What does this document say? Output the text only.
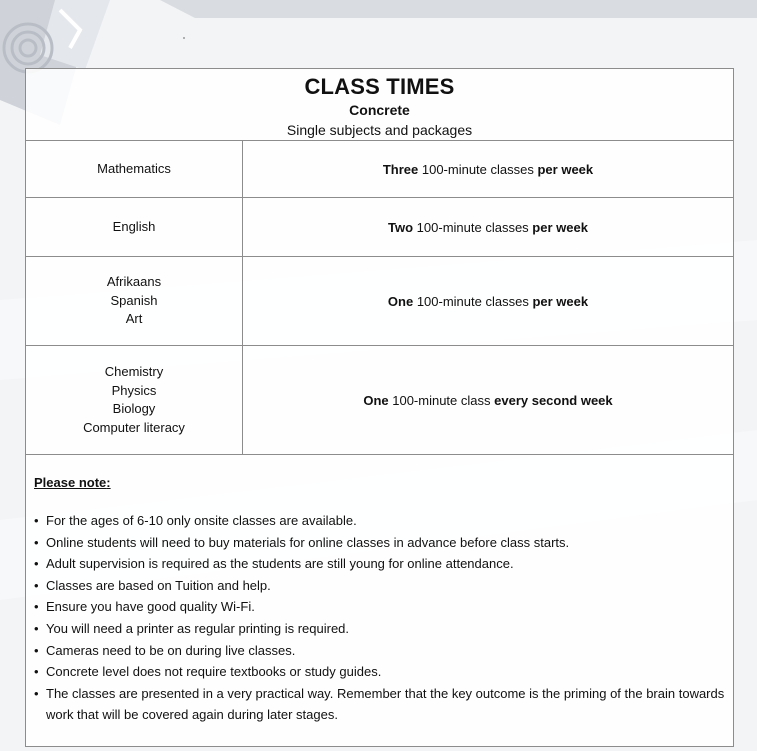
CLASS TIMES
Concrete
Single subjects and packages
Mathematics	Three 100-minute classes per week
English	Two 100-minute classes per week
Afrikaans
Spanish
Art
One 100-minute classes per week
Chemistry
Physics
Biology
Computer literacy
One 100-minute class every second week
Please note:
• For the ages of 6-10 only onsite classes are available.
• Online students will need to buy materials for online classes in advance before class starts.
• Adult supervision is required as the students are still young for online attendance.
• Classes are based on Tuition and help.
• Ensure you have good quality Wi-Fi.
• You will need a printer as regular printing is required.
• Cameras need to be on during live classes.
• Concrete level does not require textbooks or study guides.
• The classes are presented in a very practical way. Remember that the key outcome is the priming of the brain towards work that will be covered again during later stages.
